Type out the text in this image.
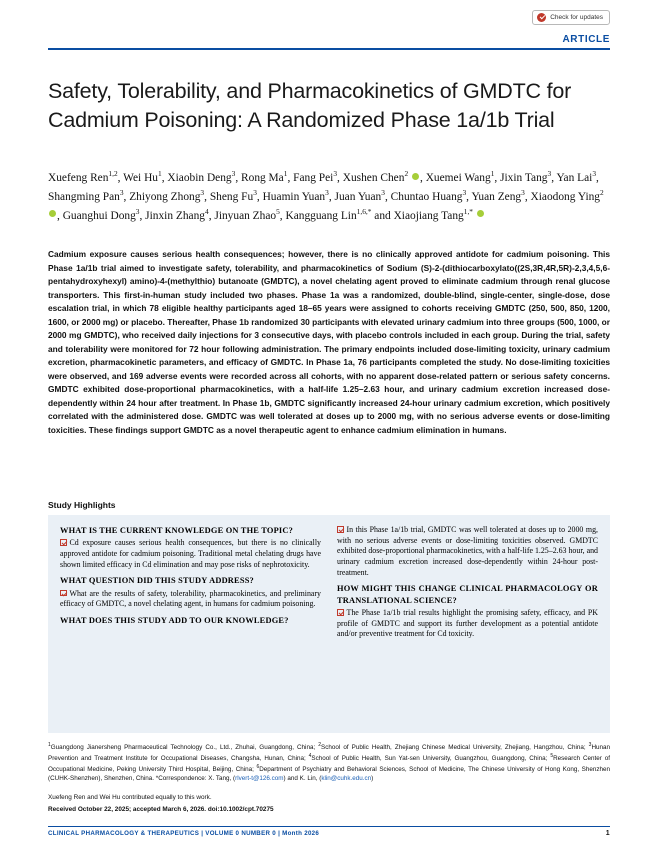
Check for updates
ARTICLE
Safety, Tolerability, and Pharmacokinetics of GMDTC for Cadmium Poisoning: A Randomized Phase 1a/1b Trial
Xuefeng Ren$^{1,2}$, Wei Hu$^1$, Xiaobin Deng$^3$, Rong Ma$^1$, Fang Pei$^3$, Xushen Chen$^2$ , Xuemei Wang$^1$, Jixin Tang$^3$, Yan Lai$^3$, Shangming Pan$^3$, Zhiyong Zhong$^3$, Sheng Fu$^3$, Huamin Yuan$^3$, Juan Yuan$^3$, Chuntao Huang$^3$, Yuan Zeng$^3$, Xiaodong Ying$^2$ , Guanghui Dong$^3$, Jinxin Zhang$^4$, Jinyuan Zhao$^5$, Kangguang Lin$^{1,6,*}$ and Xiaojiang Tang$^{1,*}$
Cadmium exposure causes serious health consequences; however, there is no clinically approved antidote for cadmium poisoning. This Phase 1a/1b trial aimed to investigate safety, tolerability, and pharmacokinetics of Sodium (S)-2-(dithiocarboxylato((2S,3R,4R,5R)-2,3,4,5,6-pentahydroxyhexyl) amino)-4-(methylthio) butanoate (GMDTC), a novel chelating agent proved to eliminate cadmium through renal glucose transporters. This first-in-human study included two phases. Phase 1a was a randomized, double-blind, single-center, single-dose, dose escalation trial, in which 78 eligible healthy participants aged 18–65 years were assigned to cohorts receiving GMDTC (250, 500, 850, 1200, 1600, or 2000 mg) or placebo. Thereafter, Phase 1b randomized 30 participants with elevated urinary cadmium into three groups (500, 1000, or 2000 mg GMDTC), who received daily injections for 3 consecutive days, with placebo controls included in each group. During the trial, safety and tolerability were monitored for 72 hour following administration. The primary endpoints included dose-limiting toxicity, urinary cadmium excretion, pharmacokinetic parameters, and efficacy of GMDTC. In Phase 1a, 76 participants completed the study. No dose-limiting toxicities were observed, and 169 adverse events were recorded across all cohorts, with no apparent dose-related pattern or serious safety concerns. GMDTC exhibited dose-proportional pharmacokinetics, with a half-life 1.25–2.63 hour, and urinary cadmium excretion increased dose-dependently within 24 hour after treatment. In Phase 1b, GMDTC significantly increased 24-hour urinary cadmium excretion, which positively correlated with the administered dose. GMDTC was well tolerated at doses up to 2000 mg, with no serious adverse events or dose-limiting toxicities. These findings support GMDTC as a novel therapeutic agent to enhance cadmium elimination in humans.
Study Highlights
WHAT IS THE CURRENT KNOWLEDGE ON THE TOPIC?
Cd exposure causes serious health consequences, but there is no clinically approved antidote for cadmium poisoning. Traditional metal chelating drugs have shown limited efficacy in Cd elimination and may pose risks of nephrotoxicity.
WHAT QUESTION DID THIS STUDY ADDRESS?
What are the results of safety, tolerability, pharmacokinetics, and preliminary efficacy of GMDTC, a novel chelating agent, in humans for cadmium poisoning.
WHAT DOES THIS STUDY ADD TO OUR KNOWLEDGE?
In this Phase 1a/1b trial, GMDTC was well tolerated at doses up to 2000 mg, with no serious adverse events or dose-limiting toxicities observed. GMDTC exhibited dose-proportional pharmacokinetics, with a half-life 1.25–2.63 hour, and urinary cadmium excretion increased dose-dependently within 24-hour post-treatment.
HOW MIGHT THIS CHANGE CLINICAL PHARMACOLOGY OR TRANSLATIONAL SCIENCE?
The Phase 1a/1b trial results highlight the promising safety, efficacy, and PK profile of GMDTC and support its further development as a potential antidote and/or preventive treatment for Cd toxicity.
$^1$Guangdong Jianersheng Pharmaceutical Technology Co., Ltd., Zhuhai, Guangdong, China; $^2$School of Public Health, Zhejiang Chinese Medical University, Zhejiang, Hangzhou, China; $^3$Hunan Prevention and Treatment Institute for Occupational Diseases, Changsha, Hunan, China; $^4$School of Public Health, Sun Yat-sen University, Guangzhou, Guangdong, China; $^5$Research Center of Occupational Medicine, Peking University Third Hospital, Beijing, China; $^6$Department of Psychiatry and Behavioral Sciences, School of Medicine, The Chinese University of Hong Kong, Shenzhen (CUHK-Shenzhen), Shenzhen, China. *Correspondence: X. Tang, (rlvert-t@126.com) and K. Lin, (klin@cuhk.edu.cn)
Xuefeng Ren and Wei Hu contributed equally to this work.
Received October 22, 2025; accepted March 6, 2026. doi:10.1002/cpt.70275
CLINICAL PHARMACOLOGY & THERAPEUTICS | VOLUME 0 NUMBER 0 | Month 2026	1
